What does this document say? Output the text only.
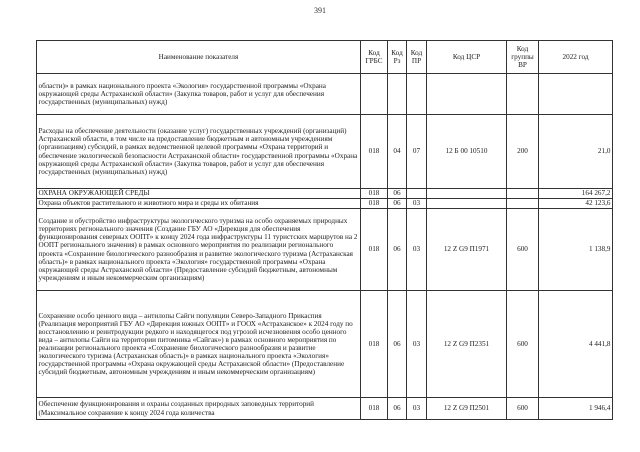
391
Наименование показателя	Код ГРБС	Код Рз	Код ПР	Код ЦСР	Код группы ВР	2022 год
области)» в рамках национального проекта «Экология» государственной программы «Охрана окружающей среды Астраханской области» (Закупка товаров, работ и услуг для обеспечения государственных (муниципальных) нужд)						
Расходы на обеспечение деятельности (оказание услуг) государственных учреждений (организаций) Астраханской области, в том числе на предоставление бюджетным и автономным учреждениям (организациям) субсидий, в рамках ведомственной целевой программы «Охрана территорий и обеспечение экологической безопасности Астраханской области» государственной программы «Охрана окружающей среды Астраханской области» (Закупка товаров, работ и услуг для обеспечения государственных (муниципальных) нужд)	018	04	07	12 Б 00 10510	200	21,0
ОХРАНА ОКРУЖАЮЩЕЙ СРЕДЫ	018	06				164 267,2
Охрана объектов растительного и животного мира и среды их обитания	018	06	03			42 123,6
Создание и обустройство инфраструктуры экологического туризма на особо охраняемых природных территориях регионального значения (Создание ГБУ АО «Дирекция для обеспечения функционирования северных ООПТ» к концу 2024 года инфраструктуры 11 туристских маршрутов на 2 ООПТ регионального значения) в рамках основного мероприятия по реализации регионального проекта «Сохранение биологического разнообразия и развитие экологического туризма (Астраханская область)» в рамках национального проекта «Экология» государственной программы «Охрана окружающей среды Астраханской области» (Предоставление субсидий бюджетным, автономным учреждениям и иным некоммерческим организациям)	018	06	03	12 Z G9 П1971	600	1 138,9
Сохранение особо ценного вида – антилопы Сайги популяции Северо-Западного Прикаспия (Реализация мероприятий ГБУ АО «Дирекция южных ООПТ» и ГООХ «Астраханское» к 2024 году по восстановлению и реинтродукции редкого и находящегося под угрозой исчезновения особо ценного вида – антилопы Сайги на территории питомника «Сайгак») в рамках основного мероприятия по реализации регионального проекта «Сохранение биологического разнообразия и развитие экологического туризма (Астраханская область)» в рамках национального проекта «Экология» государственной программы «Охрана окружающей среды Астраханской области» (Предоставление субсидий бюджетным, автономным учреждениям и иным некоммерческим организациям)	018	06	03	12 Z G9 П2351	600	4 441,8
Обеспечение функционирования и охраны созданных природных заповедных территорий (Максимальное сохранение к концу 2024 года количества	018	06	03	12 Z G9 П2501	600	1 946,4
